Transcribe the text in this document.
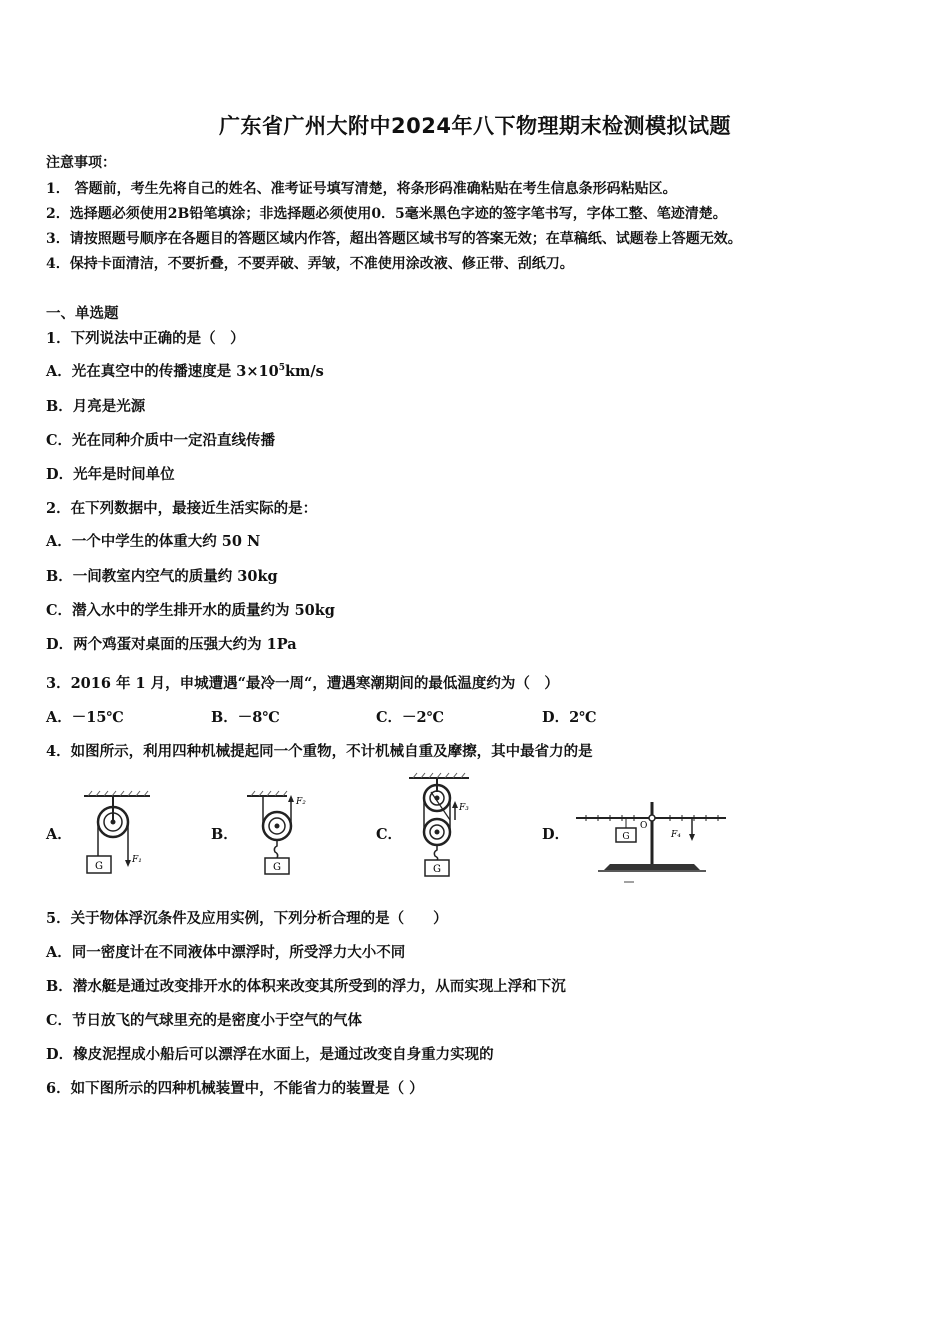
广东省广州大附中2024年八下物理期末检测模拟试题
注意事项：
1． 答题前，考生先将自己的姓名、准考证号填写清楚，将条形码准确粘贴在考生信息条形码粘贴区。
2．选择题必须使用2B铅笔填涂；非选择题必须使用0．5毫米黑色字迹的签字笔书写，字体工整、笔迹清楚。
3．请按照题号顺序在各题目的答题区域内作答，超出答题区域书写的答案无效；在草稿纸、试题卷上答题无效。
4．保持卡面清洁，不要折叠，不要弄破、弄皱，不准使用涂改液、修正带、刮纸刀。
一、单选题
1．下列说法中正确的是（　）
A．光在真空中的传播速度是 $3\times 10^5km/s$
B．月亮是光源
C．光在同种介质中一定沿直线传播
D．光年是时间单位
2．在下列数据中，最接近生活实际的是：
A．一个中学生的体重大约 50 N
B．一间教室内空气的质量约 30kg
C．潜入水中的学生排开水的质量约为 50kg
D．两个鸡蛋对桌面的压强大约为 1Pa
3．2016 年 1 月，申城遭遇“最冷一周“，遭遇寒潮期间的最低温度约为（　）
A．－15℃	B．－8℃	C．－2℃	D．2℃
4．如图所示，利用四种机械提起同一个重物，不计机械自重及摩擦，其中最省力的是
A．	B．	C．	D．
G
F₁
G
F₂
G
F₃
O
G	F₄
5．关于物体浮沉条件及应用实例，下列分析合理的是（　　）
A．同一密度计在不同液体中漂浮时，所受浮力大小不同
B．潜水艇是通过改变排开水的体积来改变其所受到的浮力，从而实现上浮和下沉
C．节日放飞的气球里充的是密度小于空气的气体
D．橡皮泥捏成小船后可以漂浮在水面上，是通过改变自身重力实现的
6．如下图所示的四种机械装置中，不能省力的装置是（ ）
